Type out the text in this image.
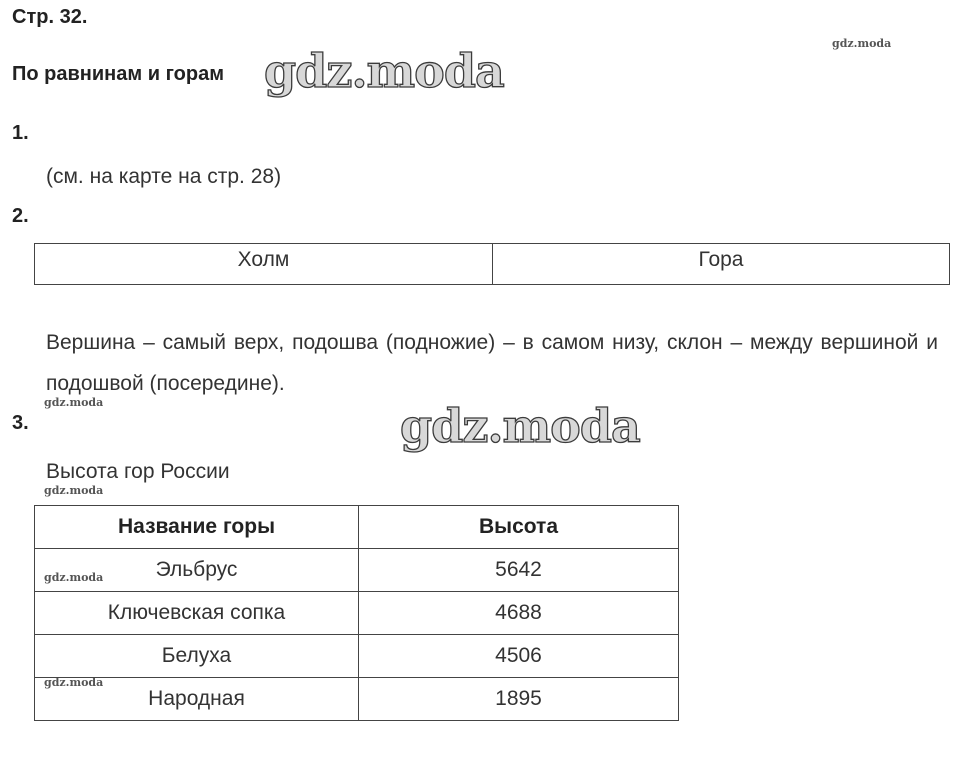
Стр. 32.
По равнинам и горам gdz.moda
gdz.moda
gdz.moda
gdz.moda
gdz.moda
gdz.moda
gdz.moda
1.
(см. на карте на стр. 28)
2.
Холм	Гора
Вершина – самый верх, подошва (подножие) – в самом низу, склон – между вершиной и подошвой (посередине).
3.
Высота гор России
Название горы	Высота
Эльбрус	5642
Ключевская сопка	4688
Белуха	4506
Народная	1895
